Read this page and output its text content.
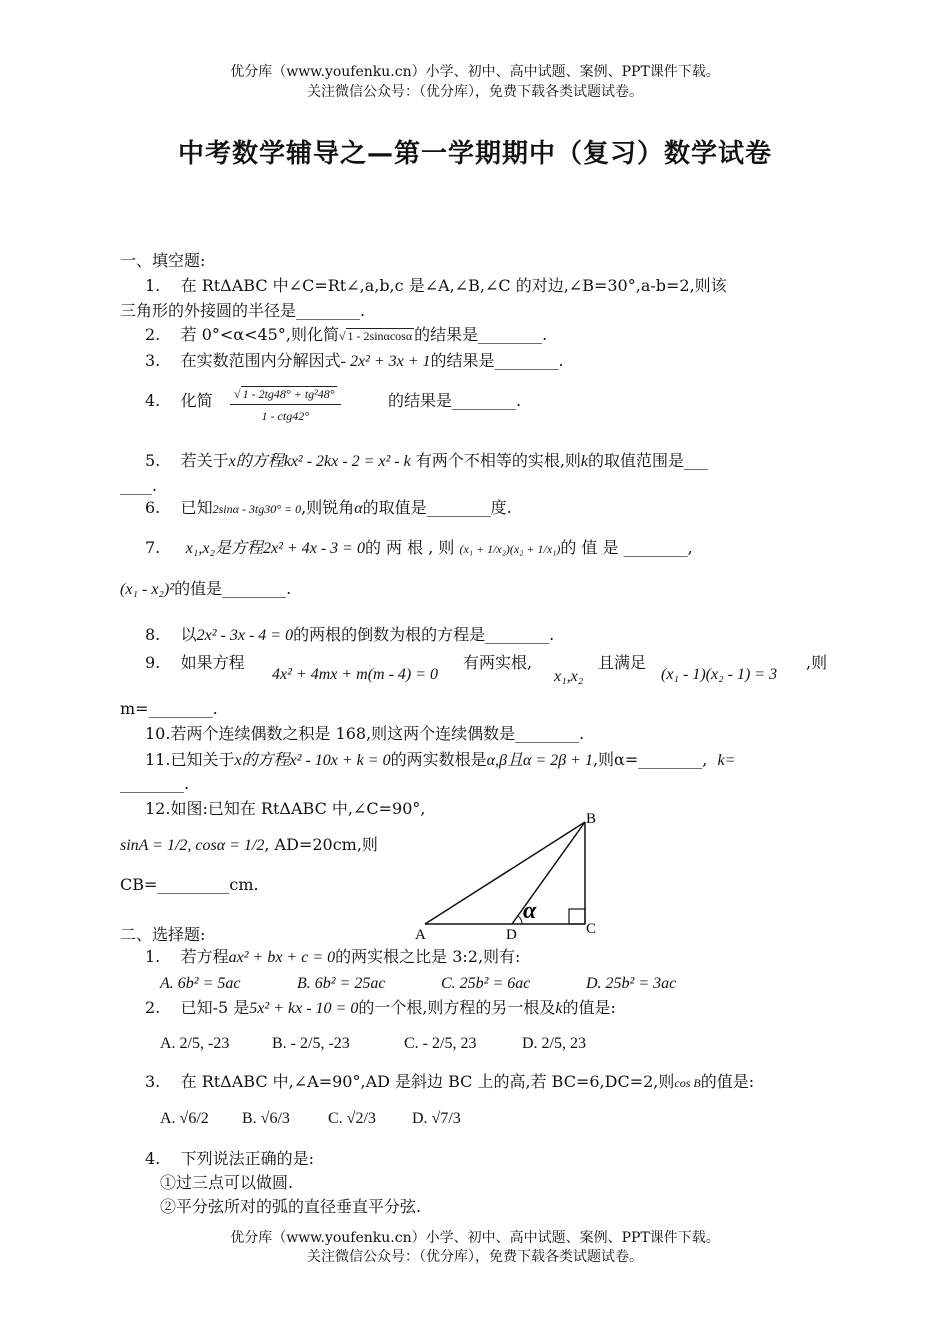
优分库（www.youfenku.cn）小学、初中、高中试题、案例、PPT课件下载。
关注微信公众号：（优分库），免费下载各类试题试卷。
中考数学辅导之—第一学期期中（复习）数学试卷
一、填空题:
1. 在 RtΔABC 中∠C=Rt∠,a,b,c 是∠A,∠B,∠C 的对边,∠B=30°,a-b=2,则该
三角形的外接圆的半径是________.
2. 若 0°<α<45°,则化简√ 1 - 2sinαcosα 的结果是________.
3. 在实数范围内分解因式- 2x² + 3x + 1的结果是________.
4. 化简	√ 1 - 2tg48° + tg²48°
1 - ctg42°
的结果是________.
5. 若关于x的方程kx² - 2kx - 2 = x² - k 有两个不相等的实根,则k的取值范围是___
____.
6. 已知2sinα - 3tg30° = 0,则锐角α的取值是________度.
7. x₁,x₂是方程2x² + 4x - 3 = 0的 两 根 , 则 (x₁ + 1/x₂)(x₂ + 1/x₁)的 值 是 ________,
(x₁ - x₂)²的值是________.
8. 以2x² - 3x - 4 = 0的两根的倒数为根的方程是________.
9. 如果方程
4x² + 4mx + m(m - 4) = 0
有两实根,
x₁,x₂
且满足
(x₁ - 1)(x₂ - 1) = 3
,则
m=________.
10.若两个连续偶数之积是 168,则这两个连续偶数是________.
11.已知关于x的方程x² - 10x + k = 0的两实数根是α,β且α = 2β + 1,则α=________, k=
________.
12.如图:已知在 RtΔABC 中,∠C=90°,
sinA = 1/2, cosα = 1/2, AD=20cm,则
CB=_________cm.
B
A	D	C
α
二、选择题:
1. 若方程ax² + bx + c = 0的两实根之比是 3:2,则有:
A. 6b² = 5ac	B. 6b² = 25ac	C. 25b² = 6ac	D. 25b² = 3ac
2. 已知-5 是5x² + kx - 10 = 0的一个根,则方程的另一根及k的值是:
A. 2/5, -23	B. - 2/5, -23	C. - 2/5, 23	D. 2/5, 23
3. 在 RtΔABC 中,∠A=90°,AD 是斜边 BC 上的高,若 BC=6,DC=2,则cos B的值是:
A. √6/2 B. √6/3 C. √2/3 D. √7/3
4. 下列说法正确的是:
①过三点可以做圆.
②平分弦所对的弧的直径垂直平分弦.
优分库（www.youfenku.cn）小学、初中、高中试题、案例、PPT课件下载。
关注微信公众号：（优分库），免费下载各类试题试卷。
